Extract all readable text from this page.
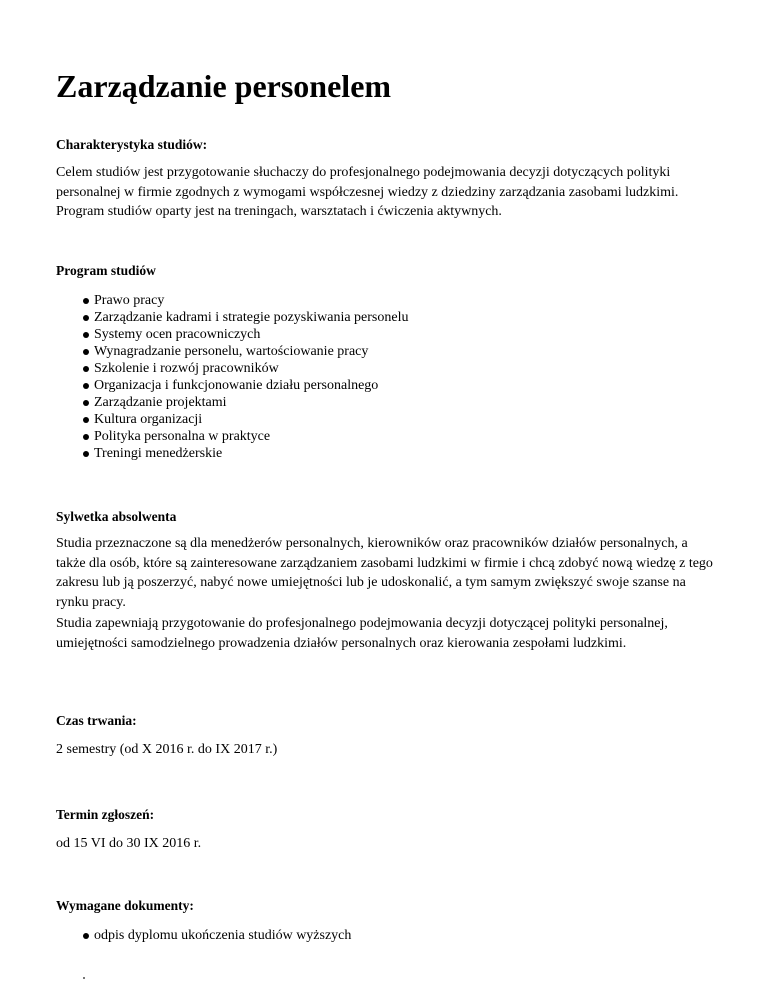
Zarządzanie personelem
Charakterystyka studiów:

Celem studiów jest przygotowanie słuchaczy do profesjonalnego podejmowania decyzji dotyczących polityki personalnej w firmie zgodnych z wymogami współczesnej wiedzy z dziedziny zarządzania zasobami ludzkimi. Program studiów oparty jest na treningach, warsztatach i ćwiczenia aktywnych.

Program studiów
Prawo pracy
Zarządzanie kadrami i strategie pozyskiwania personelu
Systemy ocen pracowniczych
Wynagradzanie personelu, wartościowanie pracy
Szkolenie i rozwój pracowników
Organizacja i funkcjonowanie działu personalnego
Zarządzanie projektami
Kultura organizacji
Polityka personalna w praktyce
Treningi menedżerskie
Sylwetka absolwenta

Studia przeznaczone są dla menedżerów personalnych, kierowników oraz pracowników działów personalnych, a także dla osób, które są zainteresowane zarządzaniem zasobami ludzkimi w firmie i chcą zdobyć nową wiedzę z tego zakresu lub ją poszerzyć, nabyć nowe umiejętności lub je udoskonalić, a tym samym zwiększyć swoje szanse na rynku pracy.

Studia zapewniają przygotowanie do profesjonalnego podejmowania decyzji dotyczącej polityki personalnej, umiejętności samodzielnego prowadzenia działów personalnych oraz kierowania zespołami ludzkimi.

Czas trwania:

2 semestry (od X 2016 r. do IX 2017 r.)

Termin zgłoszeń:

od 15 VI do 30 IX 2016 r.

Wymagane dokumenty:
odpis dyplomu ukończenia studiów wyższych
